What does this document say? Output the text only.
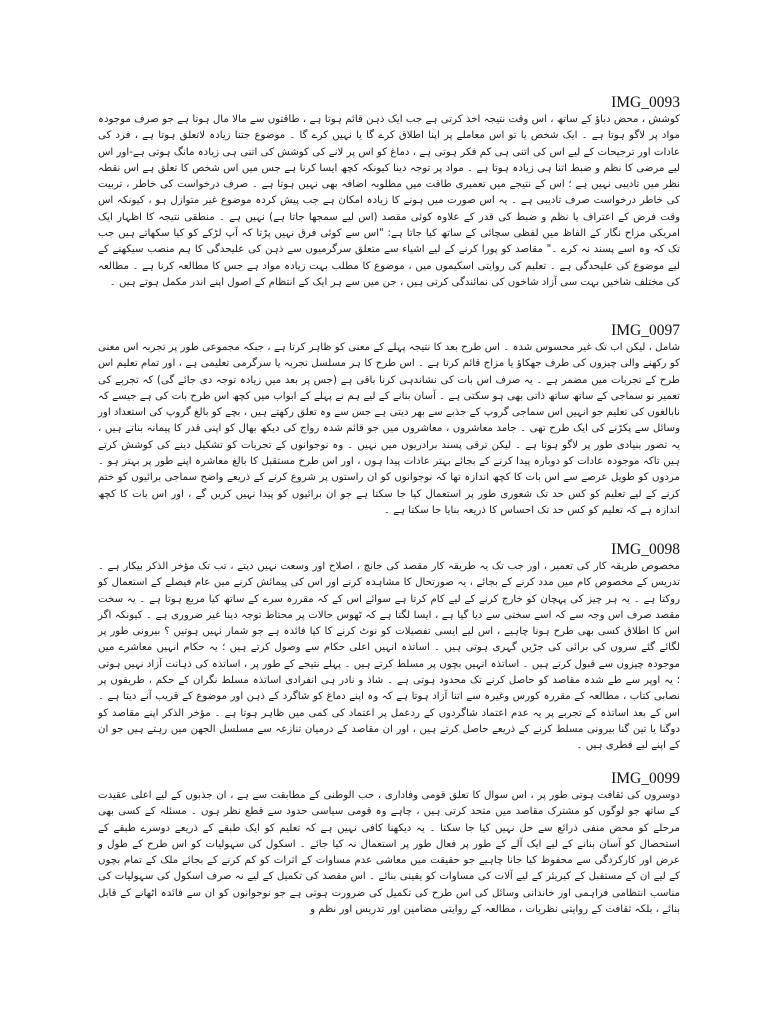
IMG_0093

کوشش ، محض دباؤ کے ساتھ ، اس وقت نتیجہ اخذ کرتی ہے جب ایک ذہن قائم ہوتا ہے ، طاقتوں سے مالا مال ہوتا ہے جو صرف موجودہ مواد پر لاگو ہوتا ہے ۔ ایک شخص یا تو اس معاملے پر اپنا اطلاق کرے گا یا نہیں کرے گا ۔ موضوع جتنا زیادہ لاتعلق ہوتا ہے ، فرد کی عادات اور ترجیحات کے لیے اس کی اتنی ہی کم فکر ہوتی ہے ، دماغ کو اس پر لانے کی کوشش کی اتنی ہی زیادہ مانگ ہوتی ہے-اور اس لیے مرضی کا نظم و ضبط اتنا ہی زیادہ ہوتا ہے ۔ مواد پر توجہ دینا کیونکہ کچھ ایسا کرنا ہے جس میں اس شخص کا تعلق ہے اس نقطہ نظر میں تادیبی نہیں ہے ؛ اس کے نتیجے میں تعمیری طاقت میں مطلوبہ اضافہ بھی نہیں ہوتا ہے ۔ صرف درخواست کی خاطر ، تربیت کی خاطر درخواست صرف تادیبی ہے ۔ یہ اس صورت میں ہونے کا زیادہ امکان ہے جب پیش کردہ موضوع غیر متوازل ہو ، کیونکہ اس وقت فرض کے اعتراف یا نظم و ضبط کی قدر کے علاوہ کوئی مقصد (اس لیے سمجھا جاتا ہے) نہیں ہے ۔ منطقی نتیجہ کا اظہار ایک امریکی مزاح نگار کے الفاظ میں لفظی سچائی کے ساتھ کیا جاتا ہے: "اس سے کوئی فرق نہیں پڑتا کہ آپ لڑکے کو کیا سکھاتے ہیں جب تک کہ وہ اسے پسند نہ کرے ۔" مقاصد کو پورا کرنے کے لیے اشیاء سے متعلق سرگرمیوں سے ذہن کی علیحدگی کا ہم منصب سیکھنے کے لیے موضوع کی علیحدگی ہے ۔ تعلیم کی روایتی اسکیموں میں ، موضوع کا مطلب بہت زیادہ مواد ہے جس کا مطالعہ کرنا ہے ۔ مطالعہ کی مختلف شاخیں بہت سی آزاد شاخوں کی نمائندگی کرتی ہیں ، جن میں سے ہر ایک کے انتظام کے اصول اپنے اندر مکمل ہوتے ہیں ۔

IMG_0097

شامل ، لیکن اب تک غیر محسوس شدہ ۔ اس طرح بعد کا نتیجہ پہلے کے معنی کو ظاہر کرتا ہے ، جبکہ مجموعی طور پر تجربہ اس معنی کو رکھنے والی چیزوں کی طرف جھکاؤ یا مزاج قائم کرتا ہے ۔ اس طرح کا ہر مسلسل تجربہ یا سرگرمی تعلیمی ہے ، اور تمام تعلیم اس طرح کے تجربات میں مضمر ہے ۔ یہ صرف اس بات کی نشاندہی کرنا باقی ہے (جس پر بعد میں زیادہ توجہ دی جائے گی) کہ تجربے کی تعمیر نو سماجی کے ساتھ ساتھ ذاتی بھی ہو سکتی ہے ۔ آسان بنانے کے لیے ہم نے پہلے کے ابواب میں کچھ اس طرح بات کی ہے جیسے کہ نابالغوں کی تعلیم جو انہیں اس سماجی گروپ کے جذبے سے بھر دیتی ہے جس سے وہ تعلق رکھتے ہیں ، بچے کو بالغ گروپ کی استعداد اور وسائل سے پکڑنے کی ایک طرح تھی ۔ جامد معاشروں ، معاشروں میں جو قائم شدہ رواج کی دیکھ بھال کو اپنی قدر کا پیمانہ بناتے ہیں ، یہ تصور بنیادی طور پر لاگو ہوتا ہے ۔ لیکن ترقی پسند برادریوں میں نہیں ۔ وہ نوجوانوں کے تجربات کو تشکیل دینے کی کوشش کرتے ہیں تاکہ موجودہ عادات کو دوبارہ پیدا کرنے کے بجائے بہتر عادات پیدا ہوں ، اور اس طرح مستقبل کا بالغ معاشرہ اپنے طور پر بہتر ہو ۔ مردوں کو طویل عرصے سے اس بات کا کچھ اندازہ تھا کہ نوجوانوں کو ان راستوں پر شروع کرنے کے ذریعے واضح سماجی برائیوں کو ختم کرنے کے لیے تعلیم کو کس حد تک شعوری طور پر استعمال کیا جا سکتا ہے جو ان برائیوں کو پیدا نہیں کریں گے ، اور اس بات کا کچھ اندازہ ہے کہ تعلیم کو کس حد تک احساس کا ذریعہ بنایا جا سکتا ہے ۔

IMG_0098

مخصوص طریقہ کار کی تعمیر ، اور جب تک یہ طریقہ کار مقصد کی جانچ ، اصلاح اور وسعت نہیں دیتے ، تب تک مؤخر الذکر بیکار ہے ۔ تدریس کے مخصوص کام میں مدد کرنے کے بجائے ، یہ صورتحال کا مشاہدہ کرنے اور اس کی پیمائش کرنے میں عام فیصلے کے استعمال کو روکتا ہے ۔ یہ ہر چیز کی پہچان کو خارج کرنے کے لیے کام کرتا ہے سوائے اس کے کہ مقررہ سرے کے ساتھ کیا مربع ہوتا ہے ۔ یہ سخت مقصد صرف اس وجہ سے کہ اسے سختی سے دیا گیا ہے ، ایسا لگتا ہے کہ ٹھوس حالات پر محتاط توجہ دینا غیر ضروری ہے ۔ کیونکہ اگر اس کا اطلاق کسی بھی طرح ہونا چاہیے ، اس لیے ایسی تفصیلات کو نوٹ کرنے کا کیا فائدہ ہے جو شمار نہیں ہوتیں ؟ بیرونی طور پر لگائے گئے سروں کی برائی کی جڑیں گہری ہوتی ہیں ۔ اساتذہ انہیں اعلی حکام سے وصول کرتے ہیں ؛ یہ حکام انہیں معاشرے میں موجودہ چیزوں سے قبول کرتے ہیں ۔ اساتذہ انہیں بچوں پر مسلط کرتے ہیں ۔ پہلے نتیجے کے طور پر ، اساتذہ کی ذہانت آزاد نہیں ہوتی ؛ یہ اوپر سے طے شدہ مقاصد کو حاصل کرنے تک محدود ہوتی ہے ۔ شاذ و نادر ہی انفرادی اساتذہ مسلط نگران کے حکم ، طریقوں پر نصابی کتاب ، مطالعہ کے مقررہ کورس وغیرہ سے اتنا آزاد ہوتا ہے کہ وہ اپنے دماغ کو شاگرد کے ذہن اور موضوع کے قریب آنے دیتا ہے ۔ اس کے بعد اساتذہ کے تجربے پر یہ عدم اعتماد شاگردوں کے ردعمل پر اعتماد کی کمی میں ظاہر ہوتا ہے ۔ مؤخر الذکر اپنے مقاصد کو دوگنا یا تین گنا بیرونی مسلط کرنے کے ذریعے حاصل کرتے ہیں ، اور ان مقاصد کے درمیان تنازعہ سے مسلسل الجھن میں رہتے ہیں جو ان کے اپنے لیے فطری ہیں ۔

IMG_0099

دوسروں کی ثقافت ہوتی طور پر ، اس سوال کا تعلق قومی وفاداری ، حب الوطنی کے مطابقت سے ہے ، ان جذبوں کے لیے اعلی عقیدت کے ساتھ جو لوگوں کو مشترک مقاصد میں متحد کرتی ہیں ، چاہے وہ قومی سیاسی حدود سے قطع نظر ہوں ۔ مسئلہ کے کسی بھی مرحلے کو محض منفی ذرائع سے حل نہیں کیا جا سکتا ۔ یہ دیکھنا کافی نہیں ہے کہ تعلیم کو ایک طبقے کے ذریعے دوسرے طبقے کے استحصال کو آسان بنانے کے لیے ایک آلے کے طور پر فعال طور پر استعمال نہ کیا جائے ۔ اسکول کی سہولیات کو اس طرح کے طول و عرض اور کارکردگی سے محفوظ کیا جانا چاہیے جو حقیقت میں معاشی عدم مساوات کے اثرات کو کم کرنے کے بجائے ملک کے تمام بچوں کے لیے ان کے مستقبل کے کیریئر کے لیے آلات کی مساوات کو یقینی بنائے ۔ اس مقصد کی تکمیل کے لیے نہ صرف اسکول کی سہولیات کی مناسب انتظامی فراہمی اور خاندانی وسائل کی اس طرح کی تکمیل کی ضرورت ہوتی ہے جو نوجوانوں کو ان سے فائدہ اٹھانے کے قابل بنائے ، بلکہ ثقافت کے روایتی نظریات ، مطالعہ کے روایتی مضامین اور تدریس اور نظم و
